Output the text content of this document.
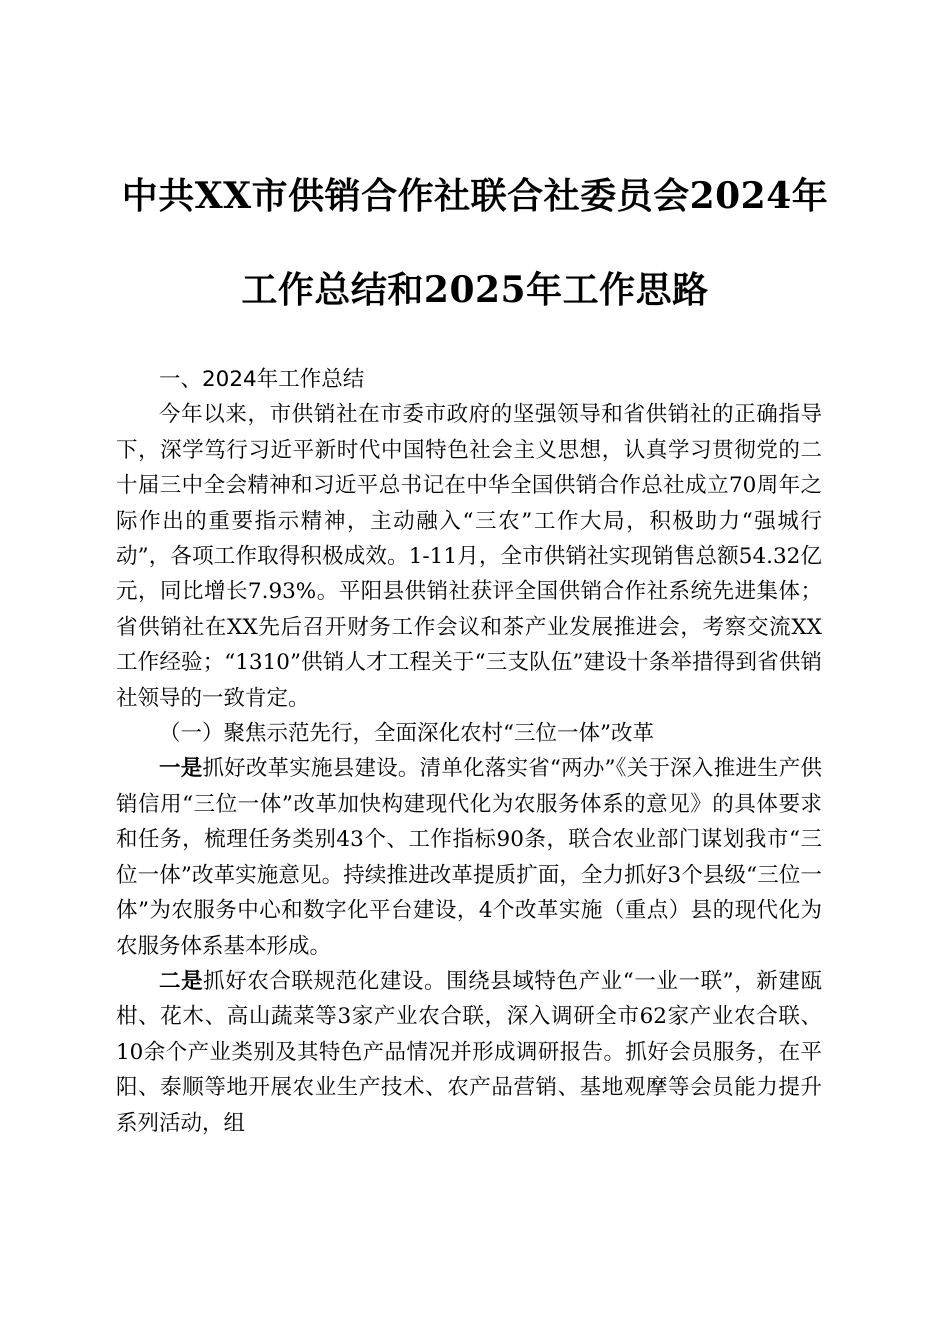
中共XX市供销合作社联合社委员会2024年
工作总结和2025年工作思路

一、2024年工作总结

今年以来，市供销社在市委市政府的坚强领导和省供销社的正确指导下，深学笃行习近平新时代中国特色社会主义思想，认真学习贯彻党的二十届三中全会精神和习近平总书记在中华全国供销合作总社成立70周年之际作出的重要指示精神，主动融入“三农”工作大局，积极助力“强城行动”，各项工作取得积极成效。1-11月，全市供销社实现销售总额54.32亿元，同比增长7.93%。平阳县供销社获评全国供销合作社系统先进集体；省供销社在XX先后召开财务工作会议和茶产业发展推进会，考察交流XX工作经验；“1310”供销人才工程关于“三支队伍”建设十条举措得到省供销社领导的一致肯定。

（一）聚焦示范先行，全面深化农村“三位一体”改革

一是抓好改革实施县建设。清单化落实省“两办”《关于深入推进生产供销信用“三位一体”改革加快构建现代化为农服务体系的意见》的具体要求和任务，梳理任务类别43个、工作指标90条，联合农业部门谋划我市“三位一体”改革实施意见。持续推进改革提质扩面，全力抓好3个县级“三位一体”为农服务中心和数字化平台建设，4个改革实施（重点）县的现代化为农服务体系基本形成。

二是抓好农合联规范化建设。围绕县域特色产业“一业一联”，新建瓯柑、花木、高山蔬菜等3家产业农合联，深入调研全市62家产业农合联、10余个产业类别及其特色产品情况并形成调研报告。抓好会员服务，在平阳、泰顺等地开展农业生产技术、农产品营销、基地观摩等会员能力提升系列活动，组
